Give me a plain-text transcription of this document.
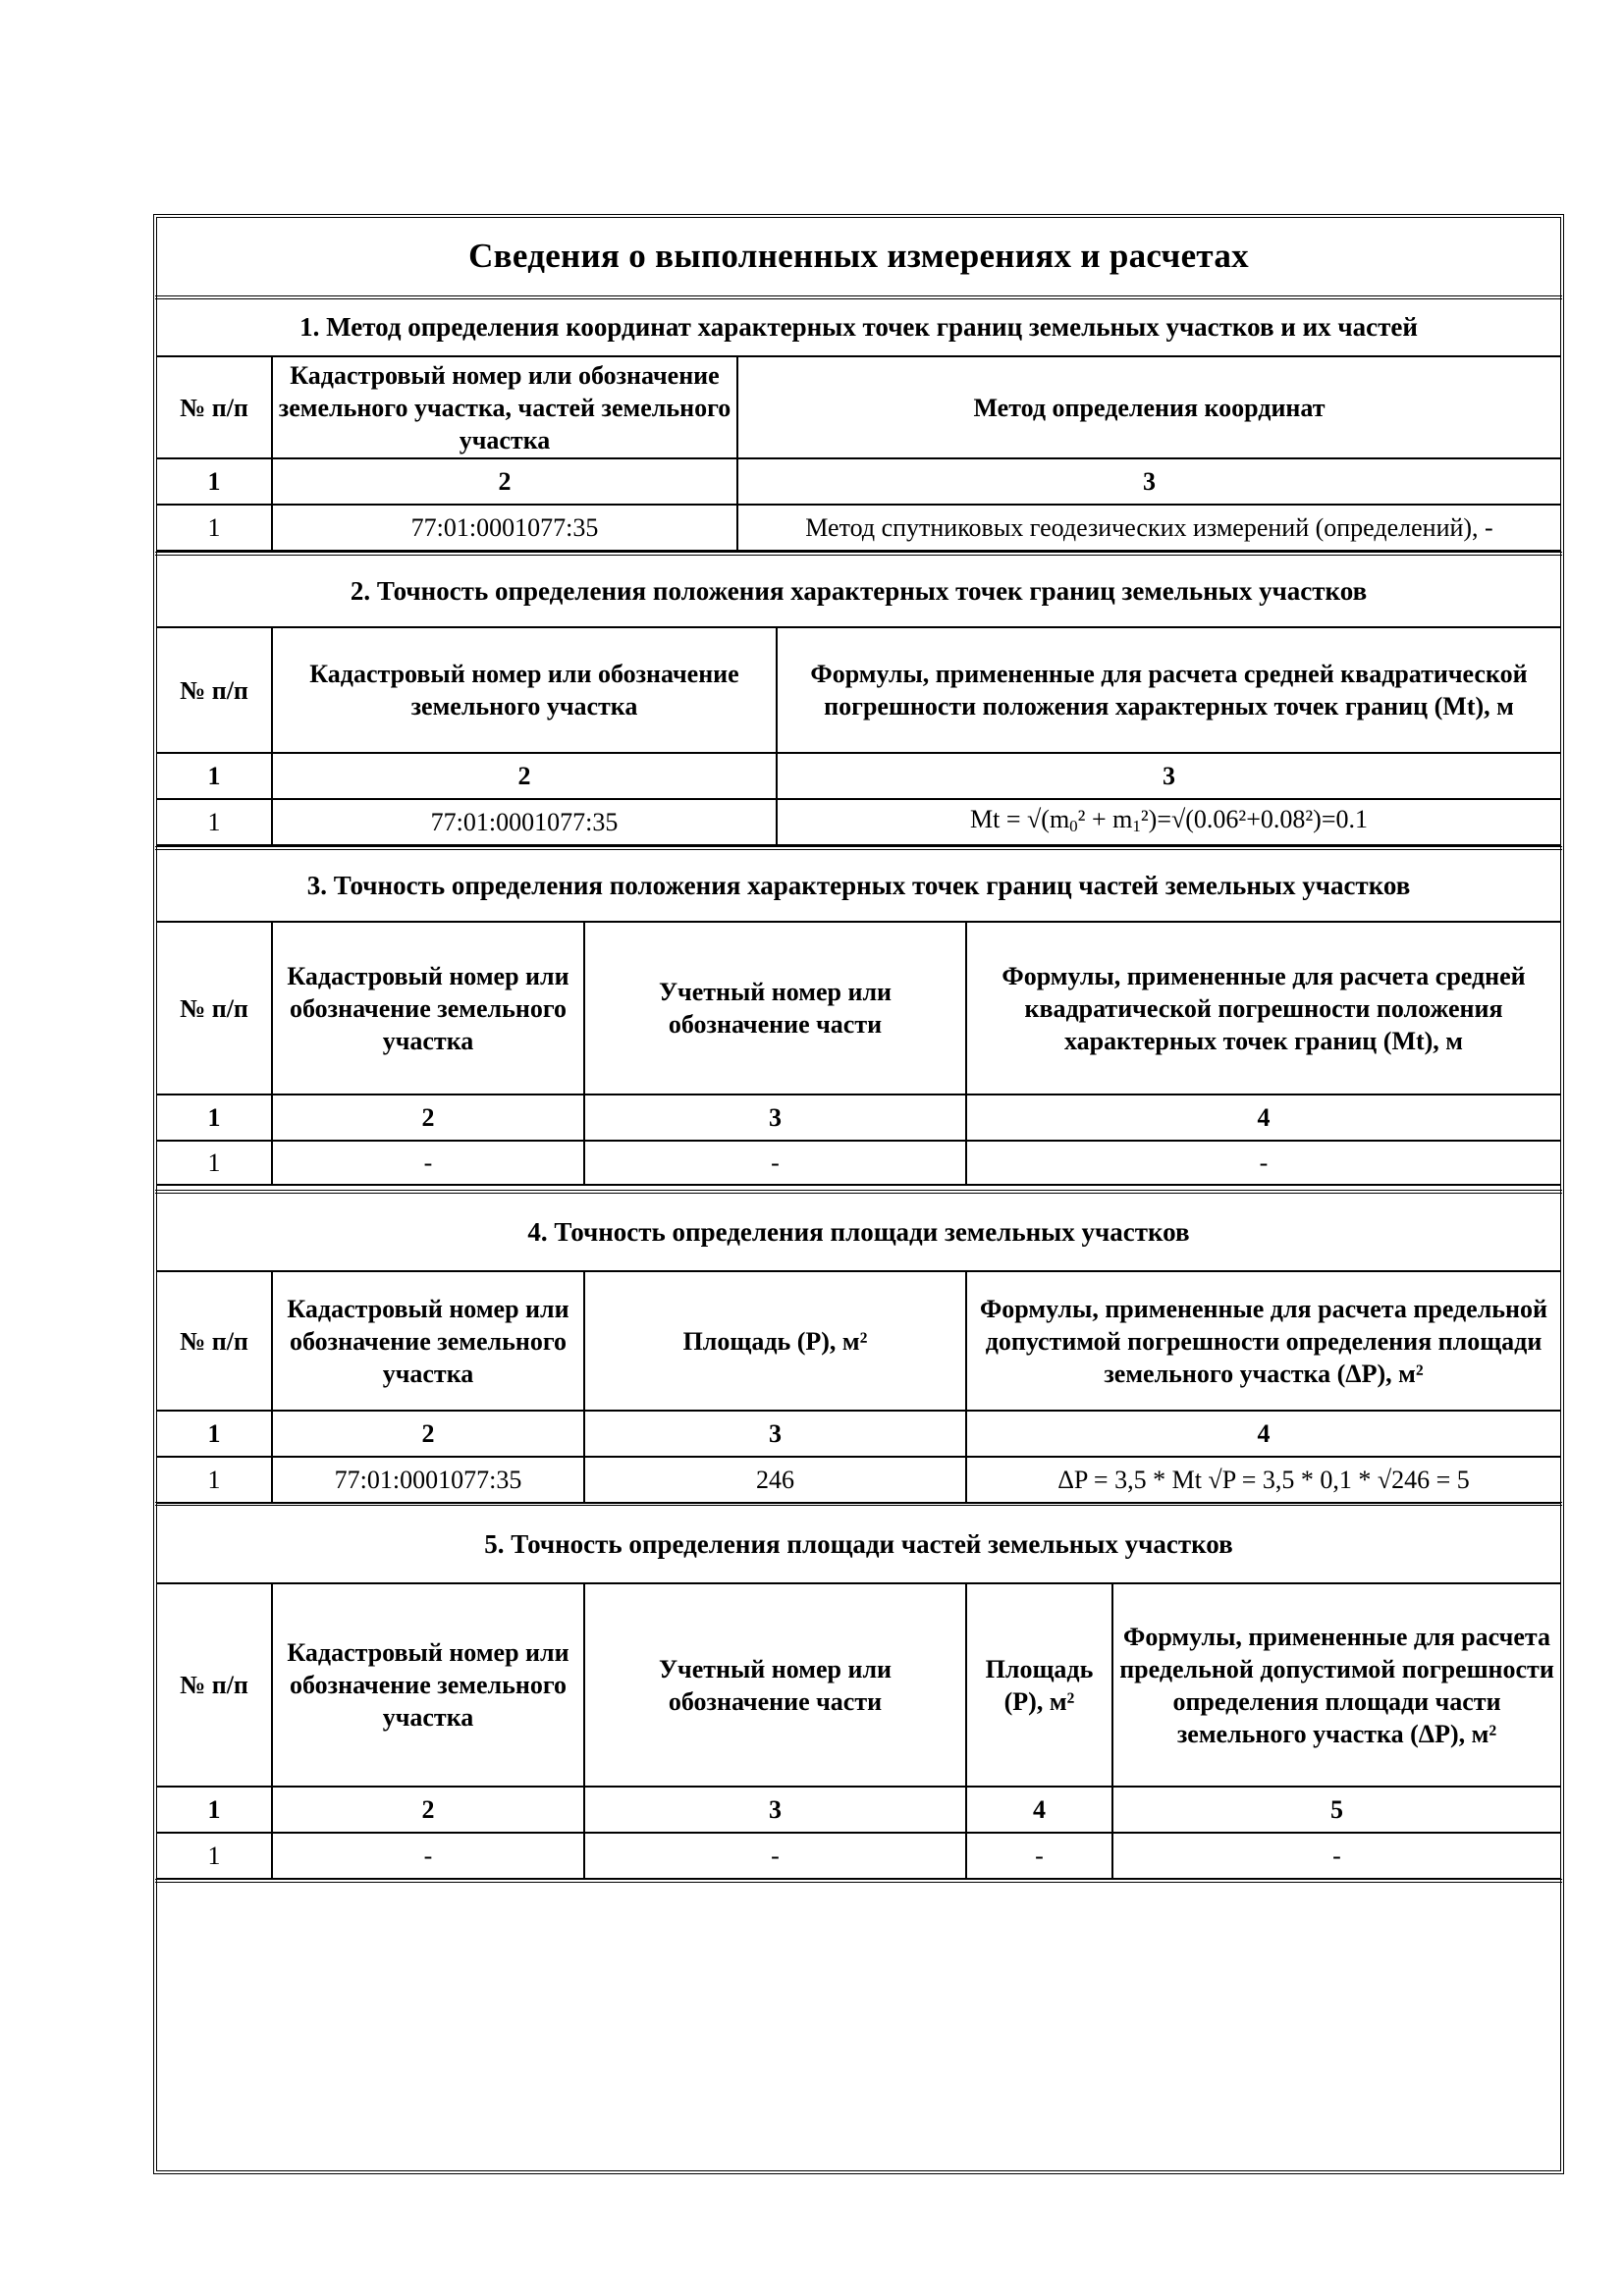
Сведения о выполненных измерениях и расчетах
1. Метод определения координат характерных точек границ земельных участков и их частей
№ п/п	Кадастровый номер или обозначение земельного участка, частей земельного участка	Метод определения координат
1	2	3
1	77:01:0001077:35	Метод спутниковых геодезических измерений (определений), -
2. Точность определения положения характерных точек границ земельных участков
№ п/п	Кадастровый номер или обозначение земельного участка	Формулы, примененные для расчета средней квадратической погрешности положения характерных точек границ (Mt), м
1	2	3
1	77:01:0001077:35	$Mt = √(m_0^2 + m_1^2)=√(0.06^2+0.08^2)=0.1$
3. Точность определения положения характерных точек границ частей земельных участков
№ п/п	Кадастровый номер или обозначение земельного участка	Учетный номер или обозначение части	Формулы, примененные для расчета средней квадратической погрешности положения характерных точек границ (Mt), м
1	2	3	4
1	-	-	-
4. Точность определения площади земельных участков
№ п/п	Кадастровый номер или обозначение земельного участка	Площадь (P), м²	Формулы, примененные для расчета предельной допустимой погрешности определения площади земельного участка (ΔP), м²
1	2	3	4
1	77:01:0001077:35	246	ΔP = 3,5 * Mt √P = 3,5 * 0,1 * √246 = 5
5. Точность определения площади частей земельных участков
№ п/п	Кадастровый номер или обозначение земельного участка	Учетный номер или обозначение части	Площадь (P), м²	Формулы, примененные для расчета предельной допустимой погрешности определения площади части земельного участка (ΔP), м²
1	2	3	4	5
1	-	-	-	-
